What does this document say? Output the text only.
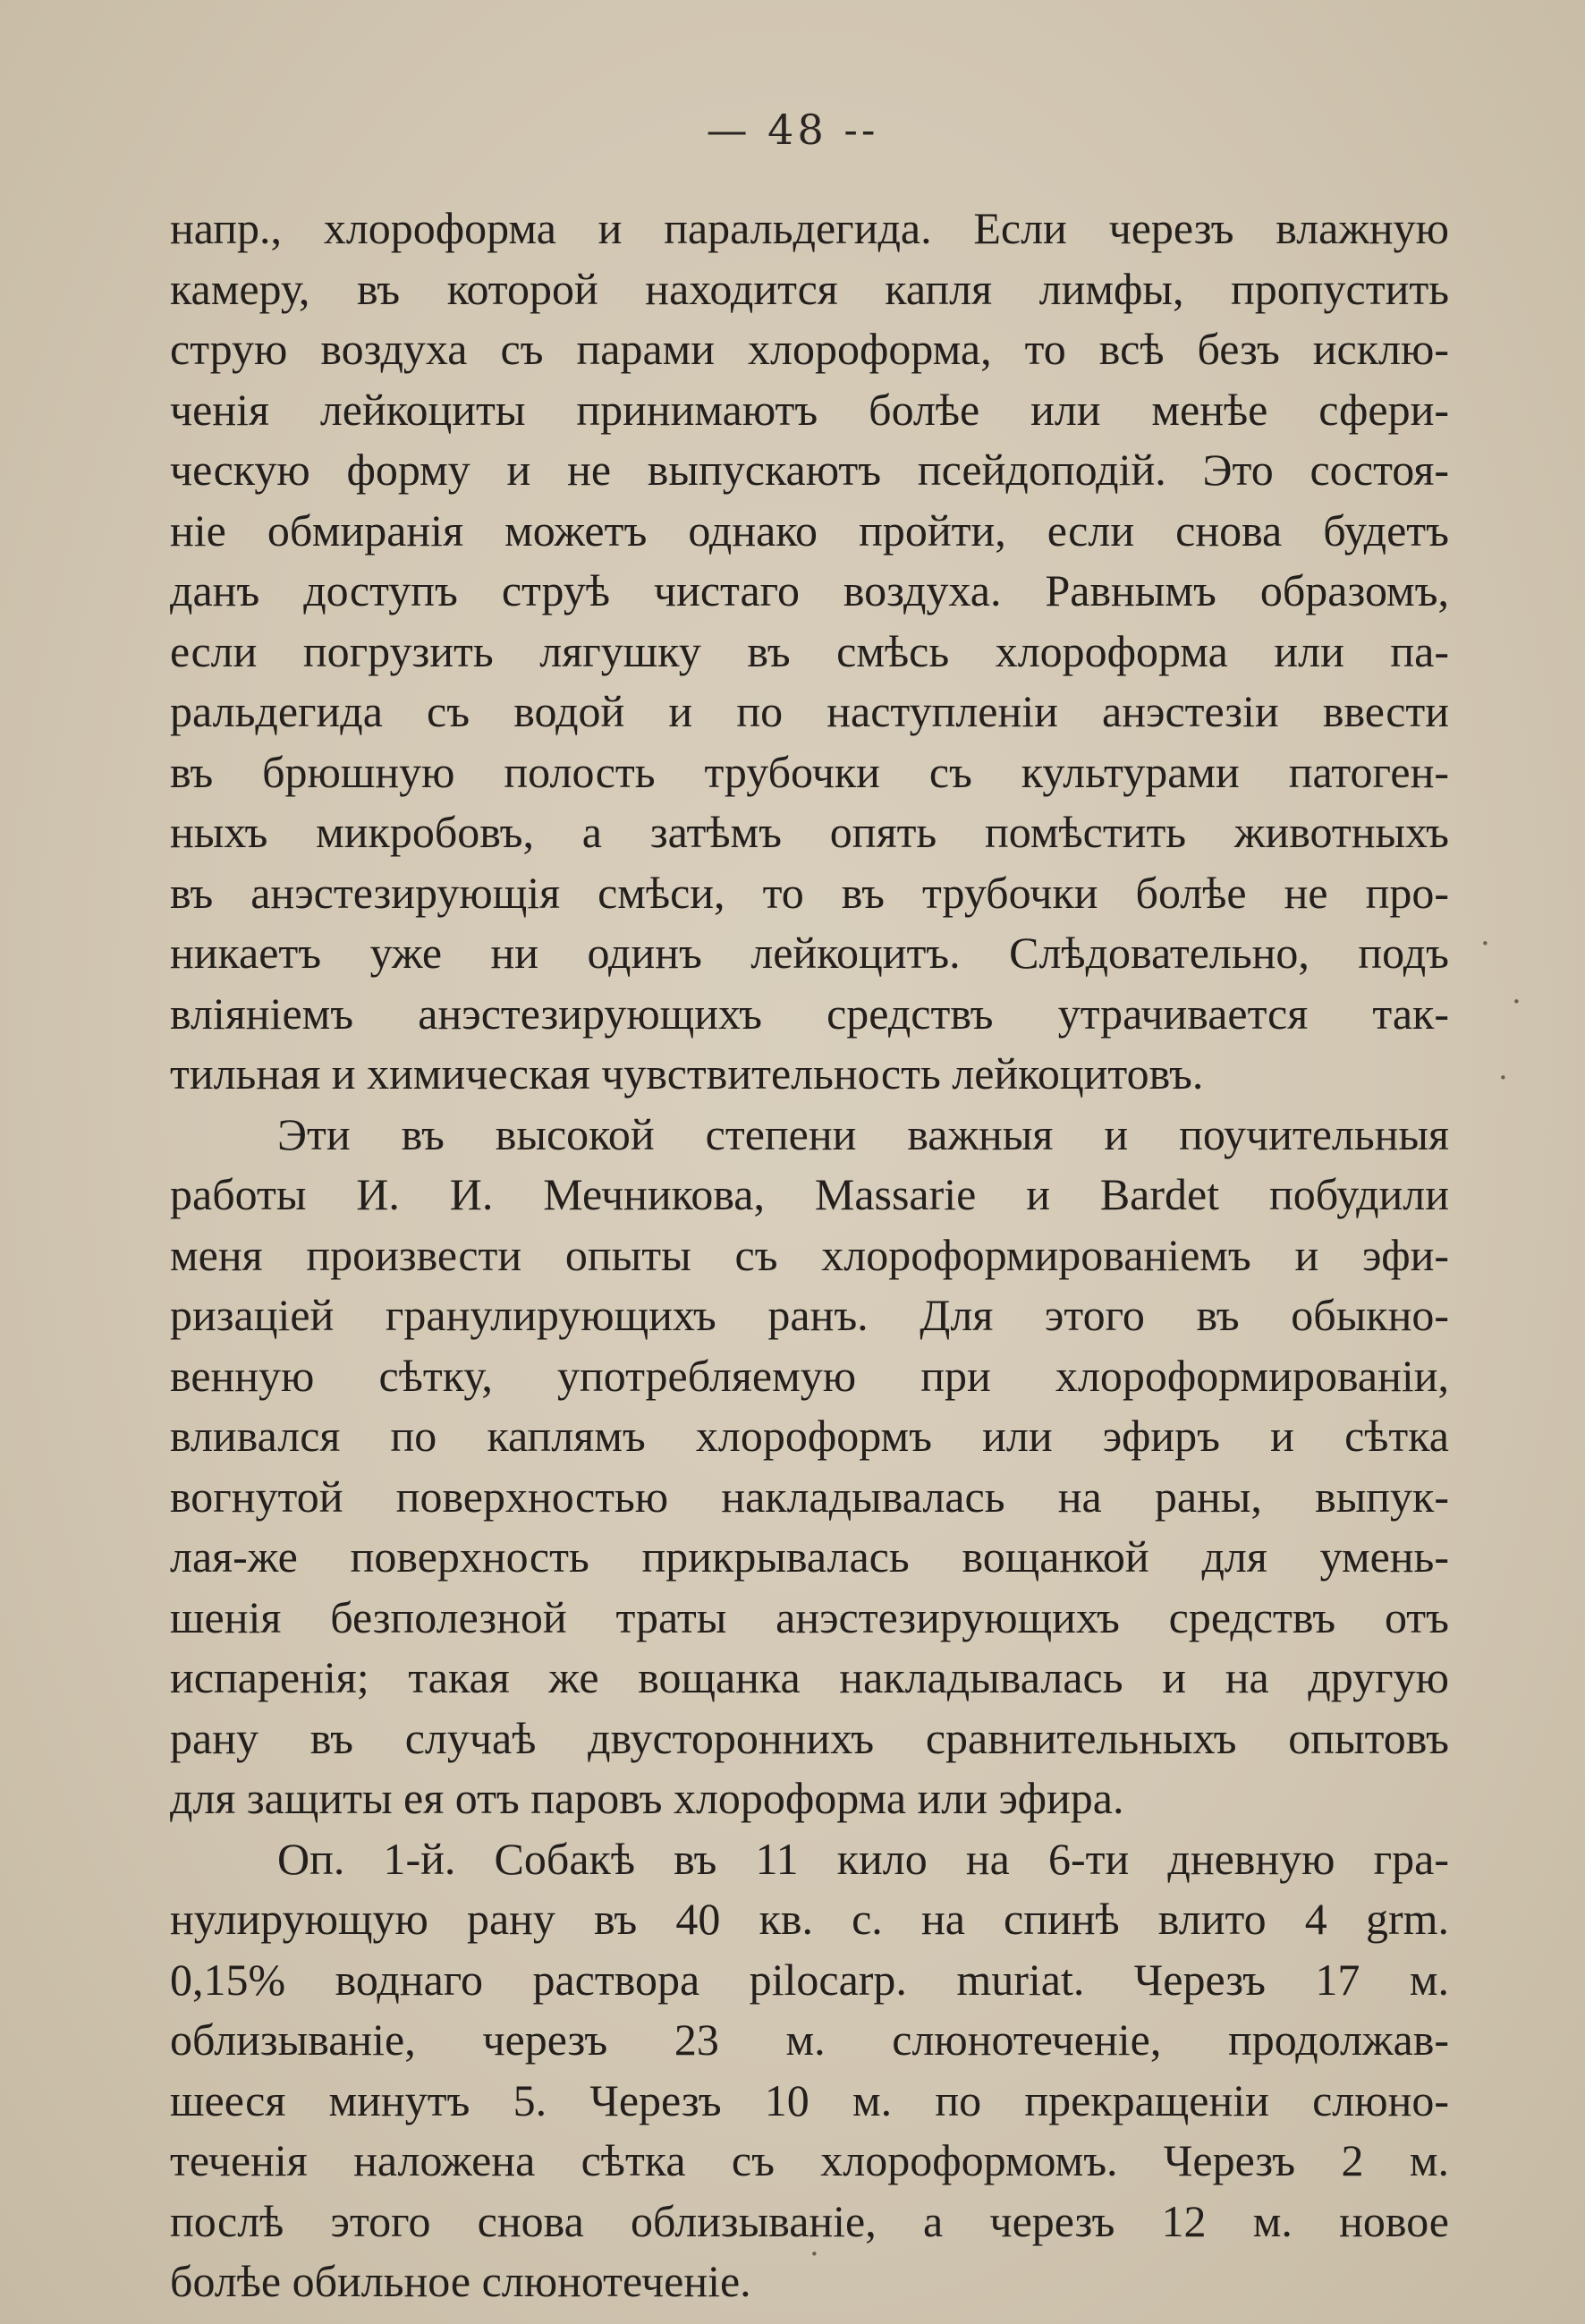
— 48 --

напр., хлороформа и паральдегида. Если черезъ влажную
камеру, въ которой находится капля лимфы, пропустить
струю воздуха съ парами хлороформа, то всѣ безъ исклю-
ченія лейкоциты принимаютъ болѣе или менѣе сфери-
ческую форму и не выпускаютъ псейдоподій. Это состоя-
ніе обмиранія можетъ однако пройти, если снова будетъ
данъ доступъ струѣ чистаго воздуха. Равнымъ образомъ,
если погрузить лягушку въ смѣсь хлороформа или па-
ральдегида съ водой и по наступленіи анэстезіи ввести
въ брюшную полость трубочки съ культурами патоген-
ныхъ микробовъ, а затѣмъ опять помѣстить животныхъ
въ анэстезирующія смѣси, то въ трубочки болѣе не про-
никаетъ уже ни одинъ лейкоцитъ. Слѣдовательно, подъ
вліяніемъ анэстезирующихъ средствъ утрачивается так-
тильная и химическая чувствительность лейкоцитовъ.

Эти въ высокой степени важныя и поучительныя
работы И. И. Мечникова, Massarie и Bardet побудили
меня произвести опыты съ хлороформированіемъ и эфи-
ризаціей гранулирующихъ ранъ. Для этого въ обыкно-
венную сѣтку, употребляемую при хлороформированіи,
вливался по каплямъ хлороформъ или эфиръ и сѣтка
вогнутой поверхностью накладывалась на раны, выпук-
лая-же поверхность прикрывалась вощанкой для умень-
шенія безполезной траты анэстезирующихъ средствъ отъ
испаренія; такая же вощанка накладывалась и на другую
рану въ случаѣ двустороннихъ сравнительныхъ опытовъ
для защиты ея отъ паровъ хлороформа или эфира.

Оп. 1-й. Собакѣ въ 11 кило на 6-ти дневную гра-
нулирующую рану въ 40 кв. с. на спинѣ влито 4 grm.
0,15% воднаго раствора pilocarp. muriat. Черезъ 17 м.
облизываніе, черезъ 23 м. слюнотеченіе, продолжав-
шееся минутъ 5. Черезъ 10 м. по прекращеніи слюно-
теченія наложена сѣтка съ хлороформомъ. Черезъ 2 м.
послѣ этого снова облизываніе, а черезъ 12 м. новое
болѣе обильное слюнотеченіе.

·
·
·
·
